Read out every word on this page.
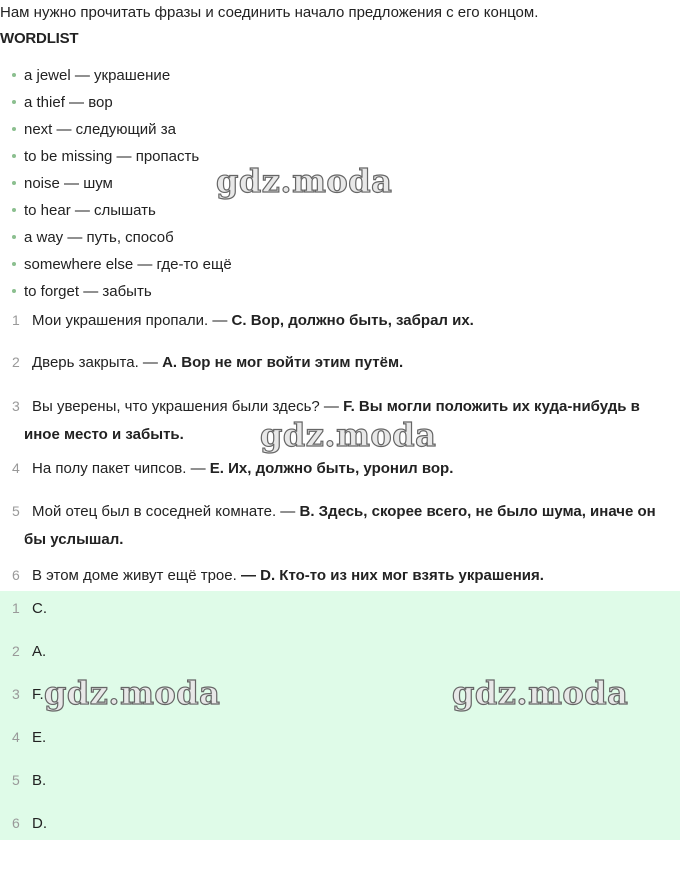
Нам нужно прочитать фразы и соединить начало предложения с его концом.
WORDLIST
a jewel — украшение
a thief — вор
next — следующий за
to be missing — пропасть
noise — шум
to hear — слышать
a way — путь, способ
somewhere else — где-то ещё
to forget — забыть
1 Мои украшения пропали. — C. Вор, должно быть, забрал их.
2 Дверь закрыта. — A. Вор не мог войти этим путём.
3 Вы уверены, что украшения были здесь? — F. Вы могли положить их куда-нибудь в
иное место и забыть.
4 На полу пакет чипсов. — E. Их, должно быть, уронил вор.
5 Мой отец был в соседней комнате. — B. Здесь, скорее всего, не было шума, иначе он
бы услышал.
6 В этом доме живут ещё трое. — D. Кто-то из них мог взять украшения.
1 C.
2 A.
3 F.
4 E.
5 B.
6 D.
gdz.moda
gdz.moda
gdz.moda	gdz.moda
